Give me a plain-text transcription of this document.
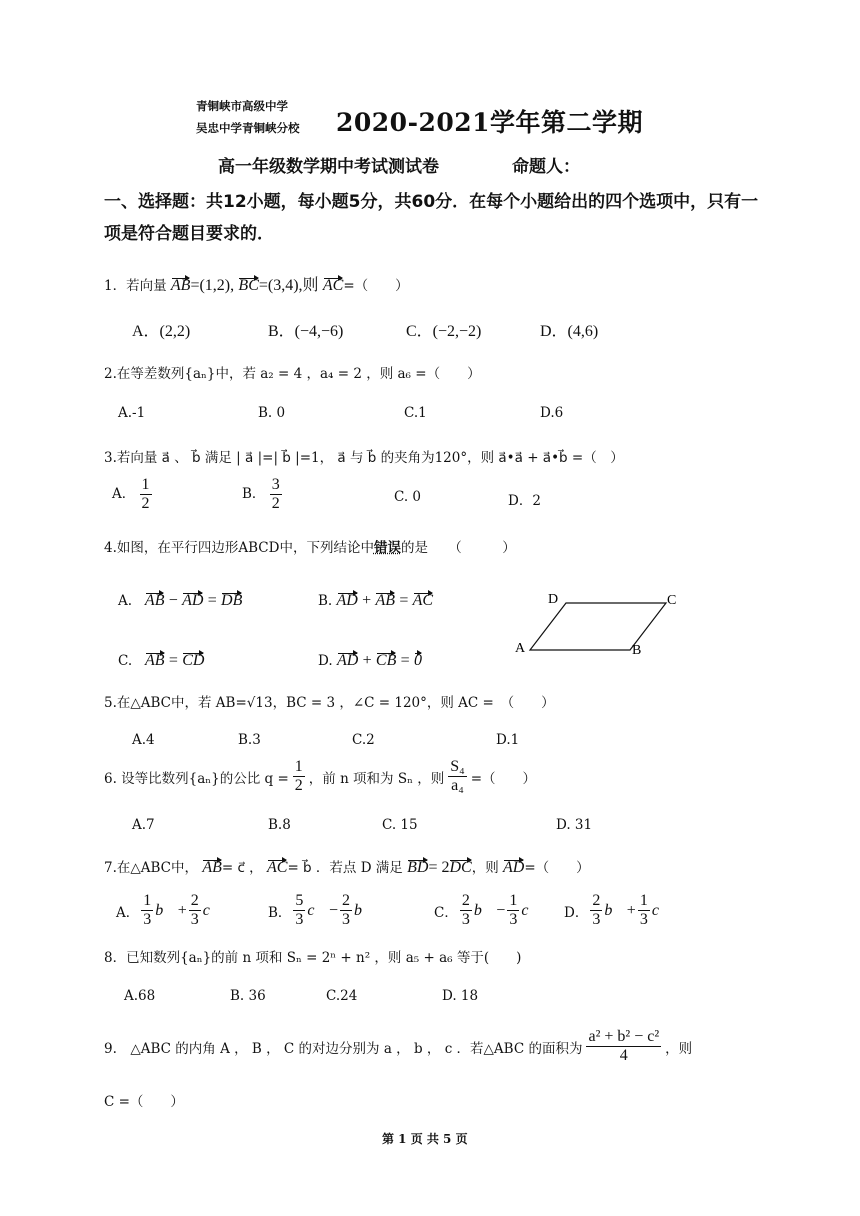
青铜峡市高级中学
吴忠中学青铜峡分校 2020-2021学年第二学期
高一年级数学期中考试测试卷	命题人：
一、选择题：共12小题，每小题5分，共60分．在每个小题给出的四个选项中，只有一
项是符合题目要求的．
1．若向量 AB=(1,2), BC=(3,4),则 AC=（　　）
A．(2,2)	B．(−4,−6)	C．(−2,−2)	D．(4,6)
2.在等差数列{aₙ}中，若 a₂ = 4 ，a₄ = 2 ，则 a₆ =（　　）
A.-1	B. 0	C.1	D.6
3.若向量 a⃗ 、 b⃗ 满足 | a⃗ |=| b⃗ |=1， a⃗ 与 b⃗ 的夹角为120°，则 a⃗•a⃗ + a⃗•b⃗ =（　）
A． $\frac{1}{2}$	B． $\frac{3}{2}$	C. 0	D．2
4.如图，在平行四边形ABCD中，下列结论中错误的是　　（　　　）
A. AB − AD = DB	B. AD + AB = AC
C. AB = CD	D. AD + CB = 0
D	C
A	B
5.在△ABC中，若 AB=√13，BC = 3 ，∠C = 120°，则 AC =　（　　）
A.4	B.3	C.2	D.1
6. 设等比数列{aₙ}的公比 $q = \frac{1}{2}$ ，前 n 项和为 Sₙ ，则 $\frac{\text{S₄}}{\text{a₄}}$ =（　　）
A.7	B.8	C. 15	D. 31
7.在△ABC中， AB= c⃗ ， AC= b⃗ ．若点 D 满足 BD= 2DC，则 AD=（　　）
A． $\frac{1}{3}$ b⃗ + $\frac{2}{3}$ c⃗	B． $\frac{5}{3}$ c⃗ − $\frac{2}{3}$ b⃗	C． $\frac{2}{3}$ b⃗ − $\frac{1}{3}$ c⃗ D． $\frac{2}{3}$ b⃗ + $\frac{1}{3}$ c⃗
8．已知数列{aₙ}的前 n 项和 Sₙ = 2ⁿ + n² ，则 a₅ + a₆ 等于(　　)
A.68	B. 36	C.24	D. 18
9.　△ABC 的内角 A ， B ， C 的对边分别为 a ， b ， c ．若△ABC 的面积为 $\frac{\text{a² + b² − c²}}{4}$ ，则
C =（　　）
第 1 页 共 5 页
